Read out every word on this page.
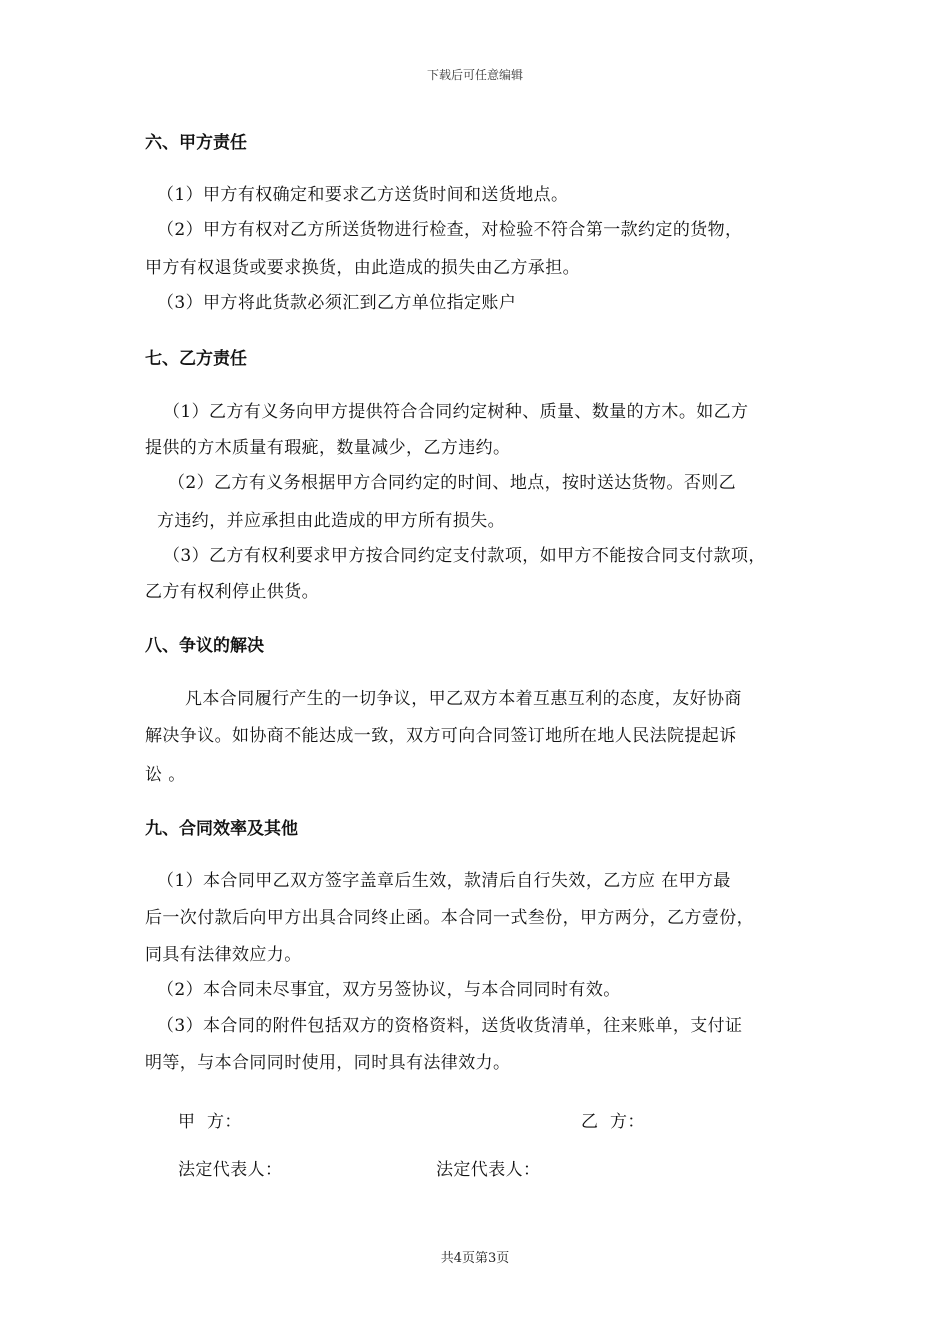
下载后可任意编辑
六、甲方责任
（1）甲方有权确定和要求乙方送货时间和送货地点。
（2）甲方有权对乙方所送货物进行检查，对检验不符合第一款约定的货物，
甲方有权退货或要求换货，由此造成的损失由乙方承担。
（3）甲方将此货款必须汇到乙方单位指定账户
七、乙方责任
（1）乙方有义务向甲方提供符合合同约定树种、质量、数量的方木。如乙方
提供的方木质量有瑕疵，数量减少，乙方违约。
（2）乙方有义务根据甲方合同约定的时间、地点，按时送达货物。否则乙
方违约，并应承担由此造成的甲方所有损失。
（3）乙方有权利要求甲方按合同约定支付款项，如甲方不能按合同支付款项，
乙方有权利停止供货。
八、争议的解决
凡本合同履行产生的一切争议，甲乙双方本着互惠互利的态度，友好协商
解决争议。如协商不能达成一致，双方可向合同签订地所在地人民法院提起诉
讼 。
九、合同效率及其他
（1）本合同甲乙双方签字盖章后生效，款清后自行失效，乙方应 在甲方最
后一次付款后向甲方出具合同终止函。本合同一式叁份，甲方两分，乙方壹份，
同具有法律效应力。
（2）本合同未尽事宜，双方另签协议，与本合同同时有效。
（3）本合同的附件包括双方的资格资料，送货收货清单，往来账单，支付证
明等，与本合同同时使用，同时具有法律效力。
甲  方：	乙  方：
法定代表人：	法定代表人：
共4页第3页
